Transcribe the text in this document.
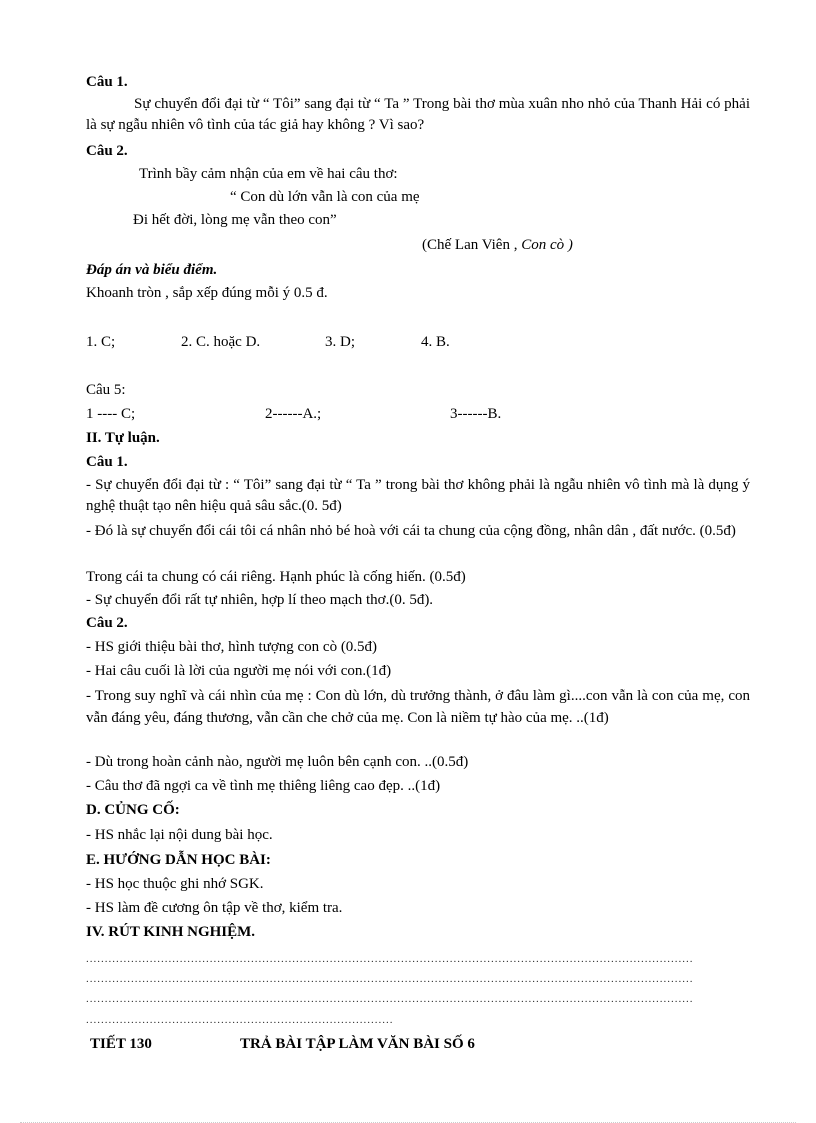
Câu 1.
Sự chuyển đổi đại từ “ Tôi” sang đại từ “ Ta ” Trong bài thơ mùa xuân nho nhỏ của Thanh Hải có phải là sự ngẫu nhiên vô tình của tác giả hay không ? Vì sao?
Câu 2.
Trình bầy cảm nhận của em về hai câu thơ:
“ Con dù lớn vẫn là con của mẹ
Đi hết đời, lòng mẹ vẫn theo con”
(Chế Lan Viên , Con cò )
Đáp án và biểu điểm.
Khoanh tròn , sắp xếp đúng mỗi ý 0.5 đ.
1. C;	2. C. hoặc D.	3. D;	4. B.
Câu 5:
1 ---- C;	2------A.;	3------B.
II. Tự luận.
Câu 1.
- Sự chuyển đổi đại từ : “ Tôi” sang đại từ “ Ta ” trong bài thơ không phải là ngẫu nhiên vô tình mà là dụng ý nghệ thuật tạo nên hiệu quả sâu sắc.(0. 5đ)
- Đó là sự chuyển đổi cái tôi cá nhân nhỏ bé hoà với cái ta chung của cộng đồng, nhân dân , đất nước. (0.5đ)
Trong cái ta chung có cái riêng. Hạnh phúc là cống hiến. (0.5đ)
- Sự chuyển đổi rất tự nhiên, hợp lí theo mạch thơ.(0. 5đ).
Câu 2.
- HS giới thiệu bài thơ, hình tượng con cò (0.5đ)
- Hai câu cuối là lời của người mẹ nói với con.(1đ)
- Trong suy nghĩ và cái nhìn của mẹ : Con dù lớn, dù trưởng thành, ở đâu làm gì....con vẫn là con của mẹ, con vẫn đáng yêu, đáng thương, vẫn cần che chở của mẹ. Con là niềm tự hào của mẹ. ..(1đ)
- Dù trong hoàn cảnh nào, người mẹ luôn bên cạnh con. ..(0.5đ)
- Câu thơ đã ngợi ca về tình mẹ thiêng liêng cao đẹp. ..(1đ)
D. CỦNG CỐ:
- HS nhắc lại nội dung bài học.
E. HƯỚNG DẪN HỌC BÀI:
- HS học thuộc ghi nhớ SGK.
- HS làm đề cương ôn tập về thơ, kiểm tra.
IV. RÚT KINH NGHIỆM.
..................................................................................................................................................................
..................................................................................................................................................................
..................................................................................................................................................................
..................................................................................
TIẾT 130	TRẢ BÀI TẬP LÀM VĂN BÀI SỐ 6
